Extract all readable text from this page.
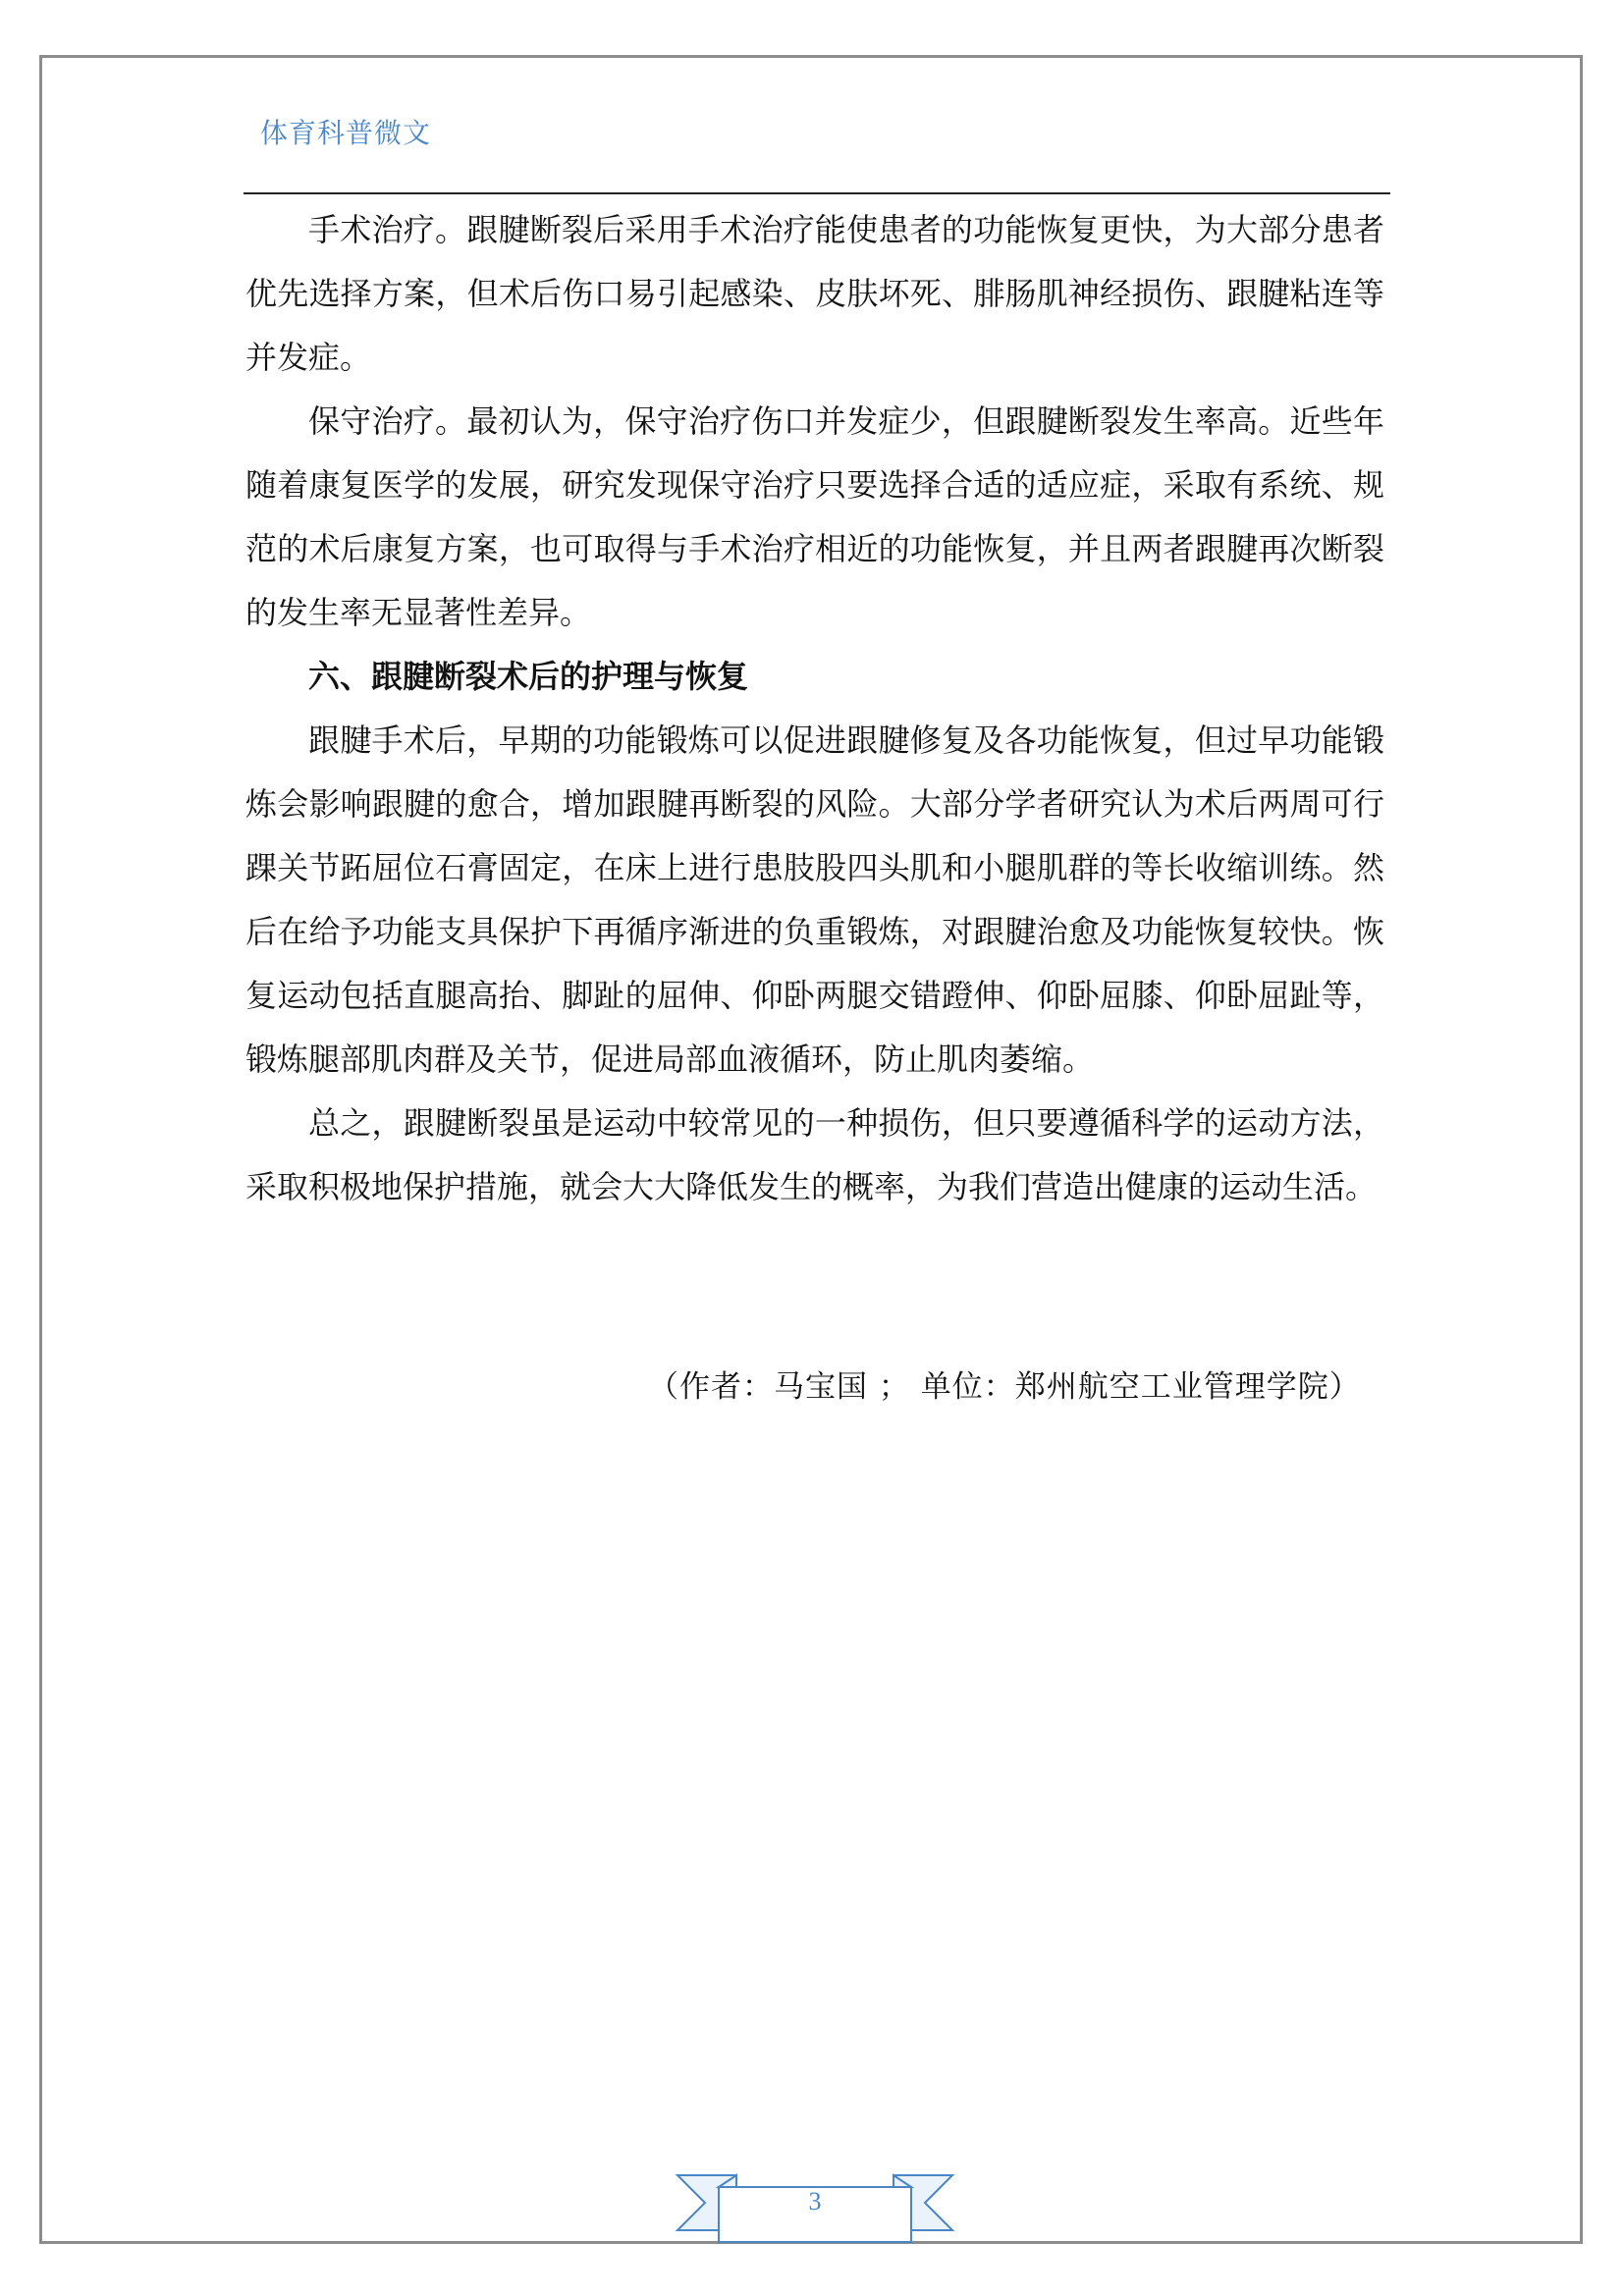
体育科普微文

手术治疗。跟腱断裂后采用手术治疗能使患者的功能恢复更快，为大部分患者优先选择方案，但术后伤口易引起感染、皮肤坏死、腓肠肌神经损伤、跟腱粘连等并发症。

保守治疗。最初认为，保守治疗伤口并发症少，但跟腱断裂发生率高。近些年随着康复医学的发展，研究发现保守治疗只要选择合适的适应症，采取有系统、规范的术后康复方案，也可取得与手术治疗相近的功能恢复，并且两者跟腱再次断裂的发生率无显著性差异。

六、跟腱断裂术后的护理与恢复

跟腱手术后，早期的功能锻炼可以促进跟腱修复及各功能恢复，但过早功能锻炼会影响跟腱的愈合，增加跟腱再断裂的风险。大部分学者研究认为术后两周可行踝关节跖屈位石膏固定，在床上进行患肢股四头肌和小腿肌群的等长收缩训练。然后在给予功能支具保护下再循序渐进的负重锻炼，对跟腱治愈及功能恢复较快。恢复运动包括直腿高抬、脚趾的屈伸、仰卧两腿交错蹬伸、仰卧屈膝、仰卧屈趾等，锻炼腿部肌肉群及关节，促进局部血液循环，防止肌肉萎缩。

总之，跟腱断裂虽是运动中较常见的一种损伤，但只要遵循科学的运动方法，采取积极地保护措施，就会大大降低发生的概率，为我们营造出健康的运动生活。

（作者：马宝国 ； 单位：郑州航空工业管理学院）
3
